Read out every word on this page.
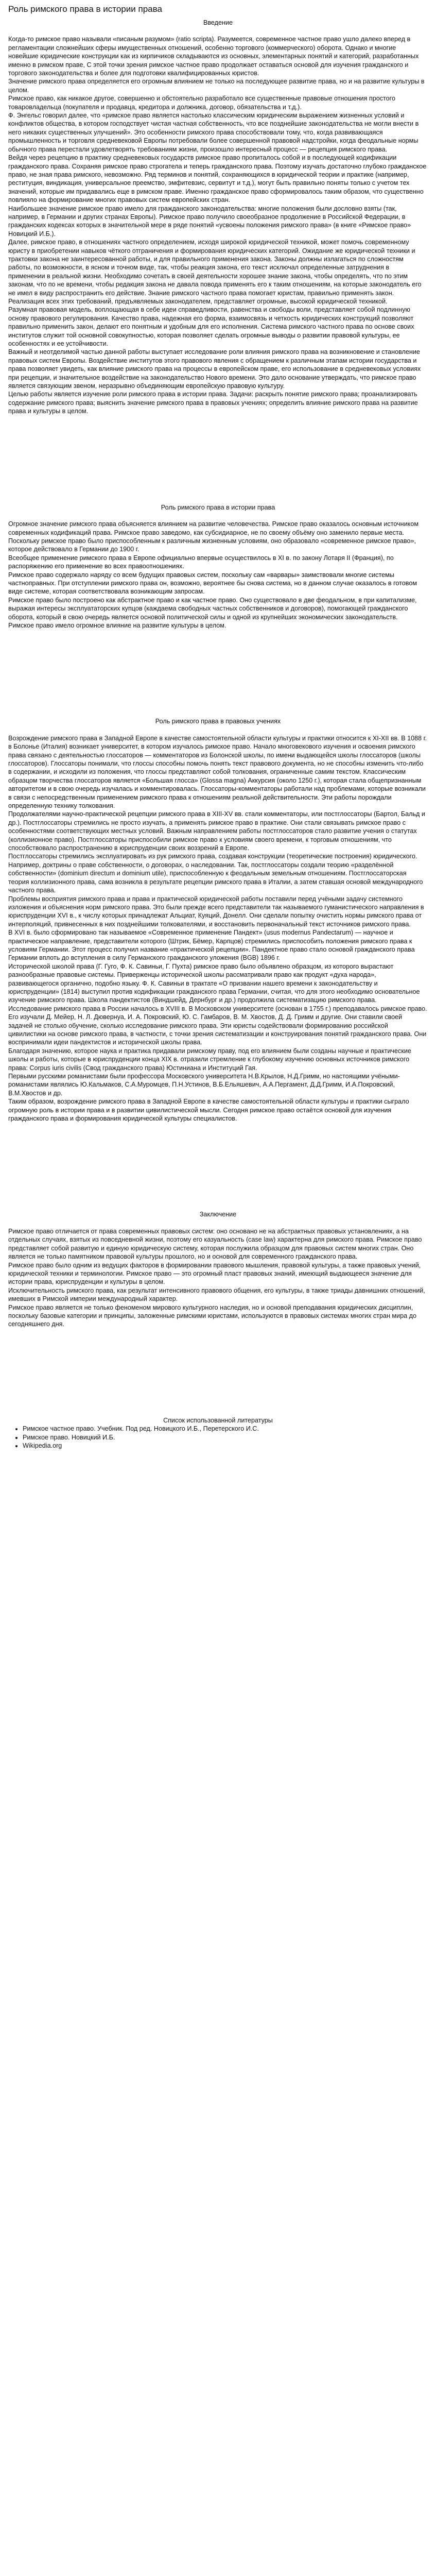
Роль римского права в истории права

Введение

Когда-то римское право называли «писаным разумом» (ratio scripta). Разумеется, современное частное право ушло далеко вперед в регламентации сложнейших сферы имущественных отношений, особенно торгового (коммерческого) оборота. Однако и многие новейшие юридические конструкции как из кирпичиков складываются из основных, элементарных понятий и категорий, разработанных именно в римском праве, С этой точки зрения римское частное право продолжает оставаться основой для изучения гражданского и торгового законодательства и более для подготовки квалифицированных юристов.

Значение римского права определяется его огромным влиянием не только на последующее развитие права, но и на развитие культуры в целом.

Римское право, как никакое другое, совершенно и обстоятельно разработало все существенные правовые отношения простого товаровладельца (покупателя и продавца, кредитора и должника, договор, обязательства и т.д.).

Ф. Энгельс говорил далее, что «римское право является настолько классическим юридическим выражением жизненных условий и конфликтов общества, в котором господствует чистая частная собственность, что все позднейшие законодательства не могли внести в него никаких существенных улучшений». Это особенности римского права способствовали тому, что, когда развивающаяся промышленность и торговля средневековой Европы потребовали более совершенной правовой надстройки, когда феодальные нормы обычного права перестали удовлетворять требованиям жизни, произошло интересный процесс — рецепция римского права.

Вейдя через рецепцию в практику средневековых государств римское право пропиталось собой и в последующей кодификации гражданского права. Сохраняя римское право строгатела и теперь гражданского права. Поэтому изучать достаточно глубоко гражданское право, не зная права римского, невозможно. Ряд терминов и понятий, сохраняющихся в юридической теории и практике (например, реституция, виндикация, универсальное преемство, эмфитевзис, сервитут и т.д.), могут быть правильно поняты только с учетом тех значений, которые им придавались еще в римском праве. Именно гражданское право сформировалось таким образом, что существенно повлияло на формирование многих правовых систем европейских стран.

Наибольшее значение римское право имело для гражданского законодательства: многие положения были дословно взяты (так, например, в Германии и других странах Европы). Римское право получило своеобразное продолжение в Российской Федерации, в гражданских кодексах которых в значительной мере в ряде понятий «усвоены положения римского права» (в книге «Римское право» Новицкий И.Б.).

Далее, римское право, в отношениях частного определением, исходя широкой юридической техникой, может помочь современному юристу в приобретении навыков чёткого отграничения и формирования юридических категорий. Ожидание же юридической техники и трактовки закона не заинтересованной работы, и для правильного применения закона. Законы должны излагаться по сложностям работы, по возможности, в ясном и точном виде, так, чтобы реакция закона, его текст исключал определенные затруднения в применении в реальной жизни. Необходимо сочетать в своей деятельности хорошее знание закона, чтобы определять, что по этим законам, что по не времени, чтобы редакция закона не давала повода применять его к таким отношениям, на которые законодатель его не имел в виду распространить его действие. Знание римского частного права помогает юристам, правильно применять закон. Реализация всех этих требований, предъявляемых законодателем, представляет огромные, высокой юридической техникой.

Разумная правовая модель, воплощающая в себе идеи справедливости, равенства и свободы воли, представляет собой подлинную основу правового регулирования. Качество права, надежная его форма, взаимосвязь и четкость юридических конструкций позволяют правильно применить закон, делают его понятным и удобным для его исполнения. Система римского частного права по основе своих институтов служит той основной совокупностью, которая позволяет сделать огромные выводы о развитии правовой культуры, ее особенностях и ее устойчивости.

Важный и неотделимой частью данной работы выступает исследование роли влияния римского права на возникновение и становление правовых систем Европы. Воздействие институтов этого правового явления с обращением к различным этапам истории государства и права позволяет увидеть, как влияние римского права на процессы в европейском праве, его использование в средневековых условиях при рецепции, и значительное воздействие на законодательство Нового времени. Это дало основание утверждать, что римское право является связующим звеном, неразрывно объединяющим европейскую правовую культуру.

Целью работы является изучение роли римского права в истории права. Задачи: раскрыть понятие римского права; проанализировать содержание римского права; выяснить значение римского права в правовых учениях; определить влияние римского права на развитие права и культуры в целом.

Роль римского права в истории права

Огромное значение римского права объясняется влиянием на развитие человечества. Римское право оказалось основным источником современных кодификаций права. Римское право заведомо, как субсидиарное, не по своему объёму оно заменило первые места. Поскольку римское право было приспособленным к различным жизненным условиям, оно образовало «современное римское право», которое действовало в Германии до 1900 г.

Всеобщее применение римского права в Европе официально впервые осуществилось в XI в. по закону Лотаря II (Франция), по распоряжению его применение во всех правоотношениях.

Римское право содержало наряду со всем будущих правовых систем, поскольку сам «варвары» заимствовали многие системы частноправных. При отступлении римского права он, возможно, вероятнее бы снова система, но в данном случае оказалось в готовом виде системе, которая соответствовала возникающим запросам.

Римское право было построено как абстрактное право и как частное право. Оно существовало в две феодальном, в при капитализме, выражая интересы эксплуататорских купцов (каждаема свободных частных собственников и договоров), помогающей гражданского оборота, который в свою очередь является основой политической силы и одной из крупнейших экономических законодательств.

Римское право имело огромное влияние на развитие культуры в целом.

Роль римского права в правовых учениях

Возрождение римского права в Западной Европе в качестве самостоятельной области культуры и практики относится к XI-XII вв. В 1088 г. в Болонье (Италия) возникает университет, в котором изучалось римское право. Начало многовекового изучения и освоения римского права связано с деятельностью глоссаторов — комментаторов из Болонской школы, по имени выдающейся школы глоссаторов (школы глоссаторов). Глоссаторы понимали, что глоссы способны помочь понять текст правового документа, но не способны изменить что-либо в содержании, и исходили из положения, что глоссы представляют собой толкования, ограниченные самим текстом. Классическим образцом творчества глоссаторов является «Большая глосса» (Glossa magna) Аккурсия (около 1250 г.), которая стала общепризнанным авторитетом и в свою очередь изучалась и комментировалась. Глоссаторы-комментаторы работали над проблемами, которые возникали в связи с непосредственным применением римского права к отношениям реальной действительности. Эти работы порождали определенную технику толкования.

Продолжателями научно-практической рецепции римского права в XIII-XV вв. стали комментаторы, или постглоссаторы (Бартол, Бальд и др.). Постглоссаторы стремились не просто изучать, а применять римское право в практике. Они стали связывать римское право с особенностями соответствующих местных условий. Важным направлением работы постглоссаторов стало развитие учения о статутах (коллизионное право). Постглоссаторы приспособили римское право к условиям своего времени, к торговым отношениям, что способствовало распространению в юриспруденции своих воззрений в Европе.

Постглоссаторы стремились эксплуатировать из рук римского права, создавая конструкции (теоретические построения) юридического. Например, доктрины о праве собственности, о договорах, о наследовании. Так, постглоссаторы создали теорию «разделённой собственности» (dominium directum и dominium utile), приспособленную к феодальным земельным отношениям. Постглоссаторская теория коллизионного права, сама возникла в результате рецепции римского права в Италии, а затем ставшая основой международного частного права.

Проблемы восприятия римского права и права и практической юридической работы поставили перед учёными задачу системного изложения и объяснения норм римского права. Это были прежде всего представители так называемого гуманистического направления в юриспруденции XVI в., к числу которых принадлежат Альциат, Куяций, Донелл. Они сделали попытку очистить нормы римского права от интерполяций, привнесенных в них позднейшими толкователями, и восстановить первоначальный текст источников римского права.

В XVI в. было сформировано так называемое «Современное применение Пандект» (usus modernus Pandectarum) — научное и практическое направление, представители которого (Штрик, Бёмер, Карпцов) стремились приспособить положения римского права к условиям Германии. Этот процесс получил название «практической рецепции». Пандектное право стало основой гражданского права Германии вплоть до вступления в силу Германского гражданского уложения (BGB) 1896 г.

Исторической школой права (Г. Гуго, Ф. К. Савиньи, Г. Пухта) римское право было объявлено образцом, из которого вырастают разнообразные правовые системы. Приверженцы исторической школы рассматривали право как продукт «духа народа», развивающегося органично, подобно языку. Ф. К. Савиньи в трактате «О призвании нашего времени к законодательству и юриспруденции» (1814) выступил против кодификации гражданского права Германии, считая, что для этого необходимо основательное изучение римского права. Школа пандектистов (Виндшейд, Дернбург и др.) продолжила систематизацию римского права.

Исследование римского права в России началось в XVIII в. В Московском университете (основан в 1755 г.) преподавалось римское право. Его изучали Д. Мейер, Н. Л. Дювернуа, И. А. Покровский, Ю. С. Гамбаров, В. М. Хвостов, Д. Д. Гримм и другие. Они ставили своей задачей не столько обучение, сколько исследование римского права. Эти юристы содействовали формированию российской цивилистики на основе римского права, в частности, с точки зрения систематизации и конструирования понятий гражданского права. Они воспринимали идеи пандектистов и исторической школы права.

Благодаря значению, которое наука и практика придавали римскому праву, под его влиянием были созданы научные и практические школы и работы, которые в юриспруденции конца XIX в. отразили стремление к глубокому изучению основных источников римского права: Corpus iuris civilis (Свод гражданского права) Юстиниана и Институций Гая.

Первыми русскими романистами были профессора Московского университета Н.В.Крылов, Н.Д.Гримм, но настоящими учёными-романистами являлись Ю.Кальмаков, С.А.Муромцев, П.Н.Устинов, В.Б.Ельяшевич, А.А.Пергамент, Д.Д.Гримм, И.А.Покровский, В.М.Хвостов и др.

Таким образом, возрождение римского права в Западной Европе в качестве самостоятельной области культуры и практики сыграло огромную роль в истории права и в развитии цивилистической мысли. Сегодня римское право остаётся основой для изучения гражданского права и формирования юридической культуры специалистов.

Заключение

Римское право отличается от права современных правовых систем: оно основано не на абстрактных правовых установлениях, а на отдельных случаях, взятых из повседневной жизни, поэтому его казуальность (case law) характерна для римского права. Римское право представляет собой развитую и единую юридическую систему, которая послужила образцом для правовых систем многих стран. Оно является не только памятником правовой культуры прошлого, но и основой для современного гражданского права.

Римское право было одним из ведущих факторов в формировании правового мышления, правовой культуры, а также правовых учений, юридической техники и терминологии. Римское право — это огромный пласт правовых знаний, имеющий выдающееся значение для истории права, юриспруденции и культуры в целом.

Исключительность римского права, как результат интенсивного правового общения, его культуры, в также триады давнишних отношений, имевших в Римской империи международный характер.

Римское право является не только феноменом мирового культурного наследия, но и основой преподавания юридических дисциплин, поскольку базовые категории и принципы, заложенные римскими юристами, используются в правовых системах многих стран мира до сегодняшнего дня.

Список использованной литературы

• Римское частное право. Учебник. Под ред. Новицкого И.Б., Перетерского И.С.
• Римское право. Новицкий И.Б.
• Wikipedia.org
